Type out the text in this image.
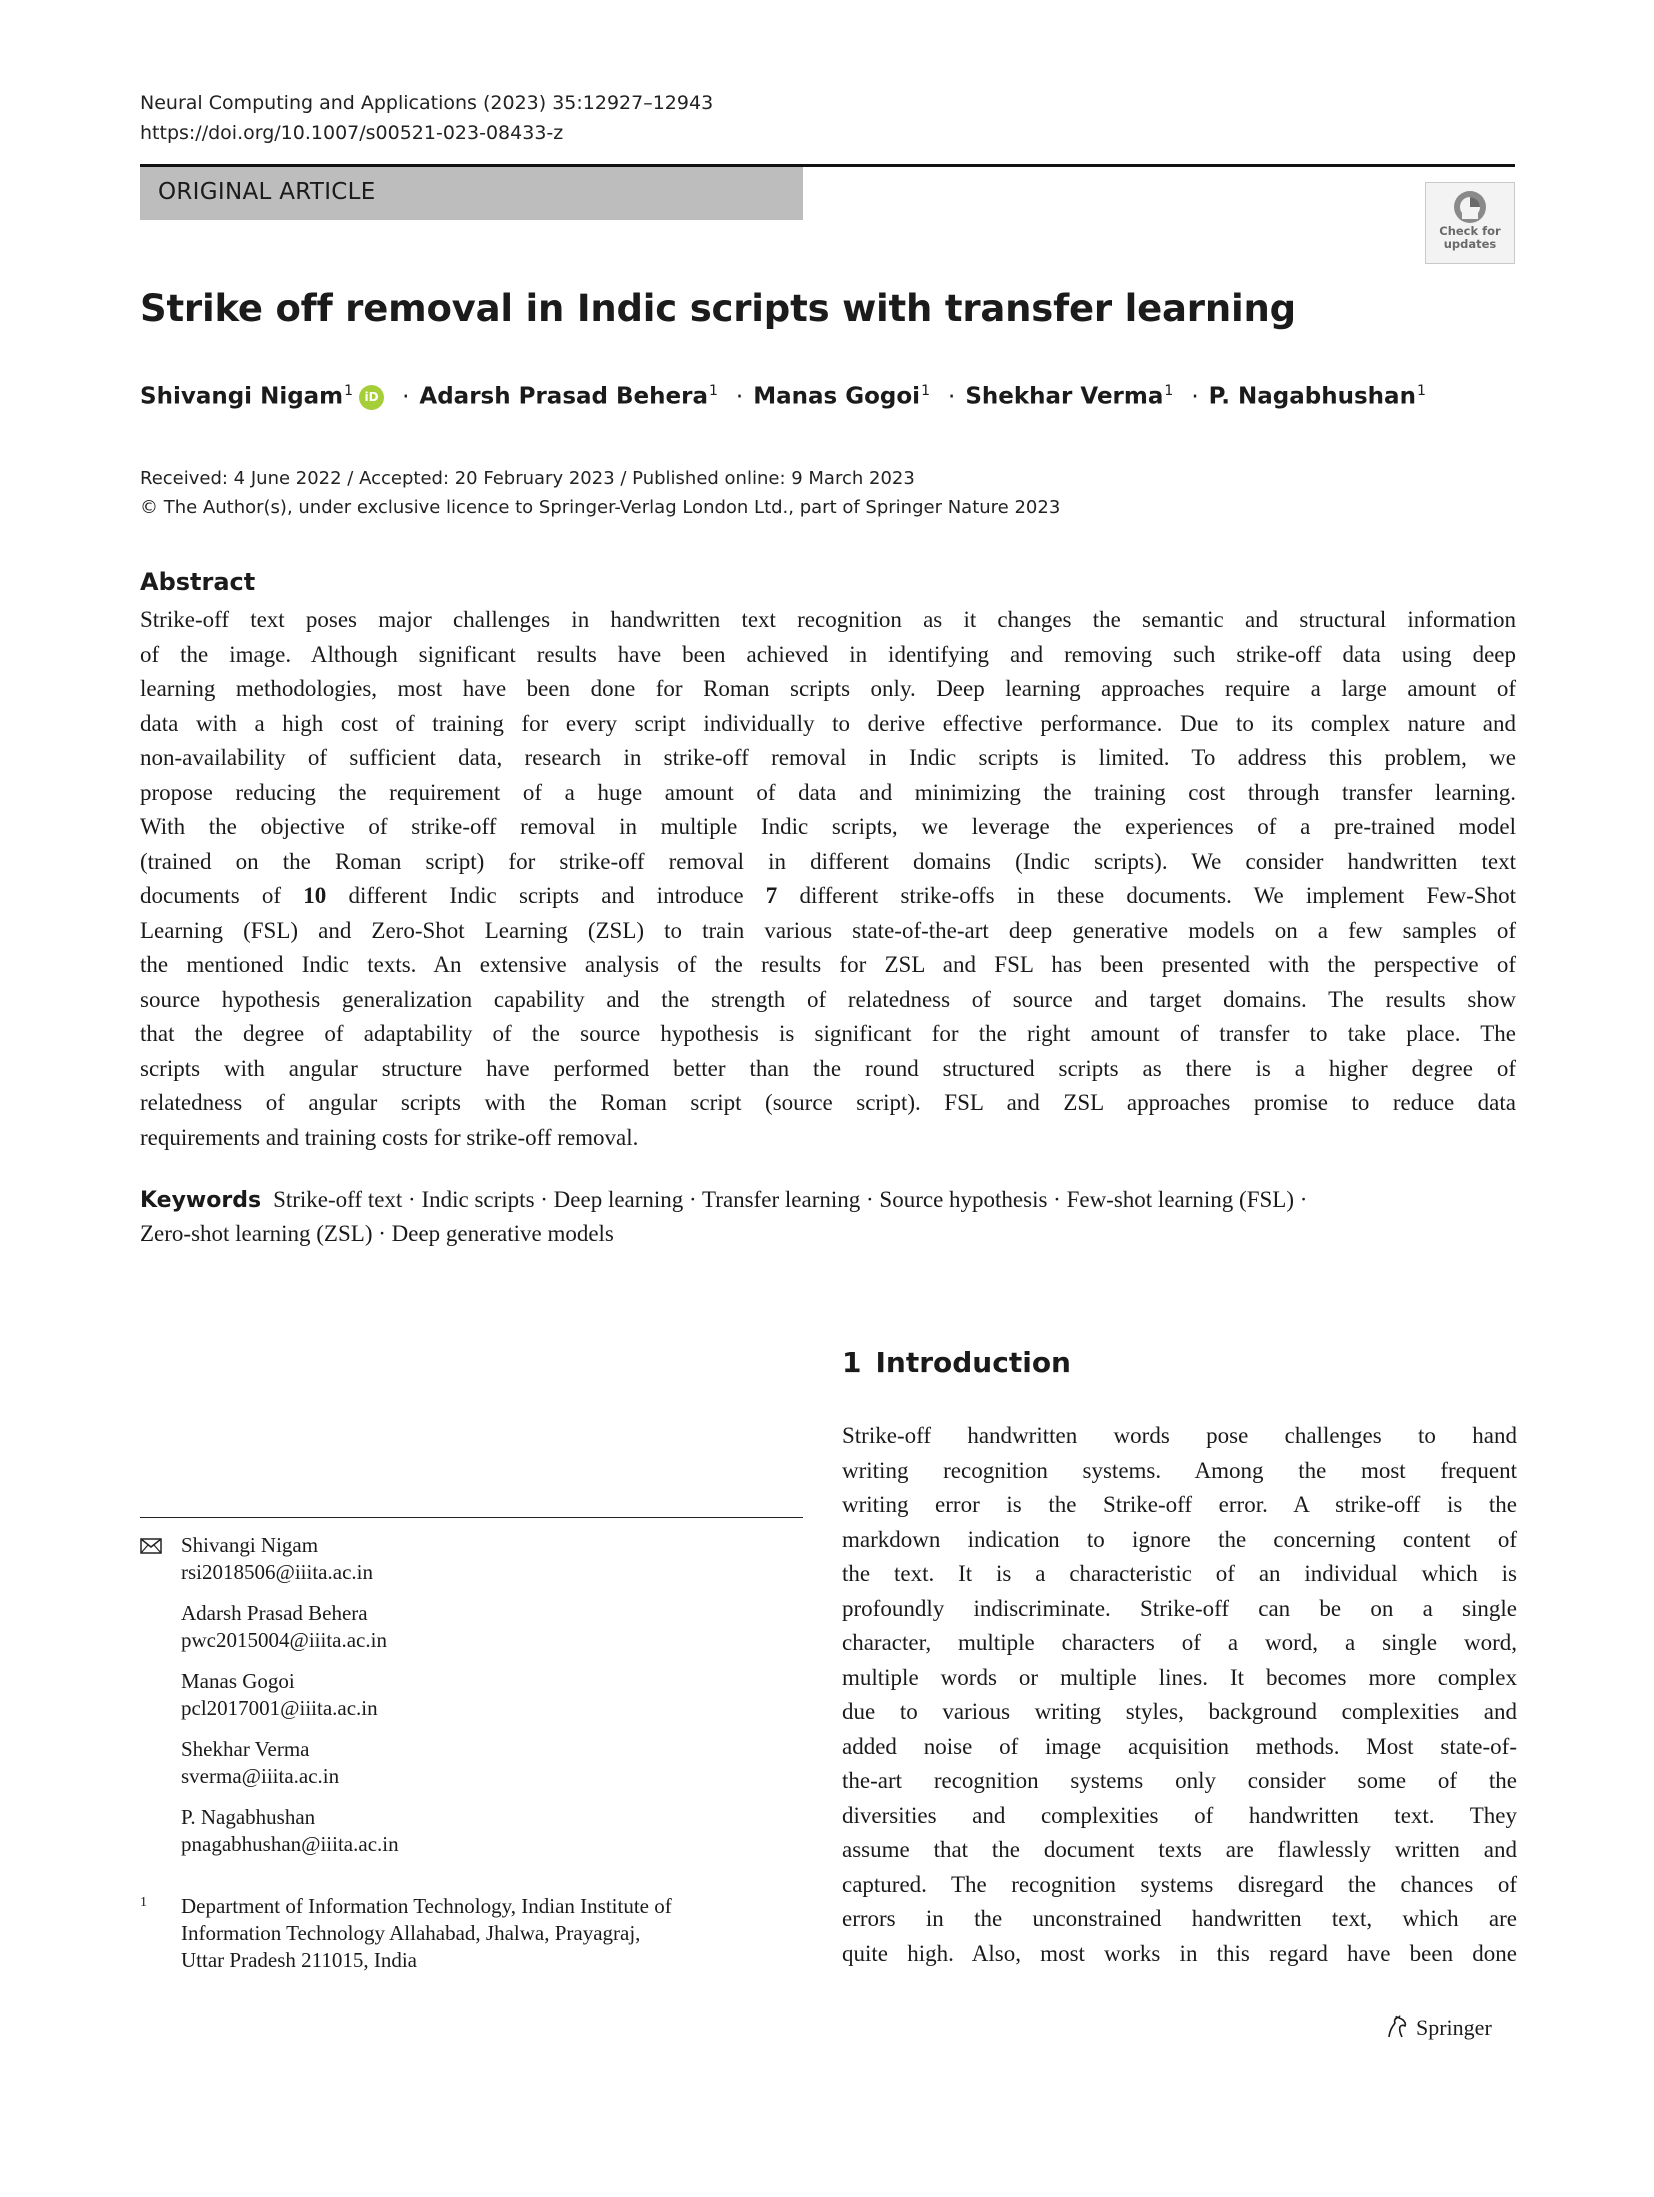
Neural Computing and Applications (2023) 35:12927–12943
https://doi.org/10.1007/s00521-023-08433-z
ORIGINAL ARTICLE
Check for
updates
Strike off removal in Indic scripts with transfer learning
Shivangi Nigam$^1$ iD · Adarsh Prasad Behera$^1$ · Manas Gogoi$^1$ · Shekhar Verma$^1$ · P. Nagabhushan$^1$
Received: 4 June 2022 / Accepted: 20 February 2023 / Published online: 9 March 2023
© The Author(s), under exclusive licence to Springer-Verlag London Ltd., part of Springer Nature 2023
Abstract
Strike-off text poses major challenges in handwritten text recognition as it changes the semantic and structural information
of the image. Although significant results have been achieved in identifying and removing such strike-off data using deep
learning methodologies, most have been done for Roman scripts only. Deep learning approaches require a large amount of
data with a high cost of training for every script individually to derive effective performance. Due to its complex nature and
non-availability of sufficient data, research in strike-off removal in Indic scripts is limited. To address this problem, we
propose reducing the requirement of a huge amount of data and minimizing the training cost through transfer learning.
With the objective of strike-off removal in multiple Indic scripts, we leverage the experiences of a pre-trained model
(trained on the Roman script) for strike-off removal in different domains (Indic scripts). We consider handwritten text
documents of 10 different Indic scripts and introduce 7 different strike-offs in these documents. We implement Few-Shot
Learning (FSL) and Zero-Shot Learning (ZSL) to train various state-of-the-art deep generative models on a few samples of
the mentioned Indic texts. An extensive analysis of the results for ZSL and FSL has been presented with the perspective of
source hypothesis generalization capability and the strength of relatedness of source and target domains. The results show
that the degree of adaptability of the source hypothesis is significant for the right amount of transfer to take place. The
scripts with angular structure have performed better than the round structured scripts as there is a higher degree of
relatedness of angular scripts with the Roman script (source script). FSL and ZSL approaches promise to reduce data
requirements and training costs for strike-off removal.
Keywords Strike-off text · Indic scripts · Deep learning · Transfer learning · Source hypothesis · Few-shot learning (FSL) ·
Zero-shot learning (ZSL) · Deep generative models
1 Introduction
Strike-off handwritten words pose challenges to hand
writing recognition systems. Among the most frequent
writing error is the Strike-off error. A strike-off is the
markdown indication to ignore the concerning content of
the text. It is a characteristic of an individual which is
profoundly indiscriminate. Strike-off can be on a single
character, multiple characters of a word, a single word,
multiple words or multiple lines. It becomes more complex
due to various writing styles, background complexities and
added noise of image acquisition methods. Most state-of-
the-art recognition systems only consider some of the
diversities and complexities of handwritten text. They
assume that the document texts are flawlessly written and
captured. The recognition systems disregard the chances of
errors in the unconstrained handwritten text, which are
quite high. Also, most works in this regard have been done
Shivangi Nigam
rsi2018506@iiita.ac.in
Adarsh Prasad Behera
pwc2015004@iiita.ac.in
Manas Gogoi
pcl2017001@iiita.ac.in
Shekhar Verma
sverma@iiita.ac.in
P. Nagabhushan
pnagabhushan@iiita.ac.in
1 Department of Information Technology, Indian Institute of
Information Technology Allahabad, Jhalwa, Prayagraj,
Uttar Pradesh 211015, India
Springer
